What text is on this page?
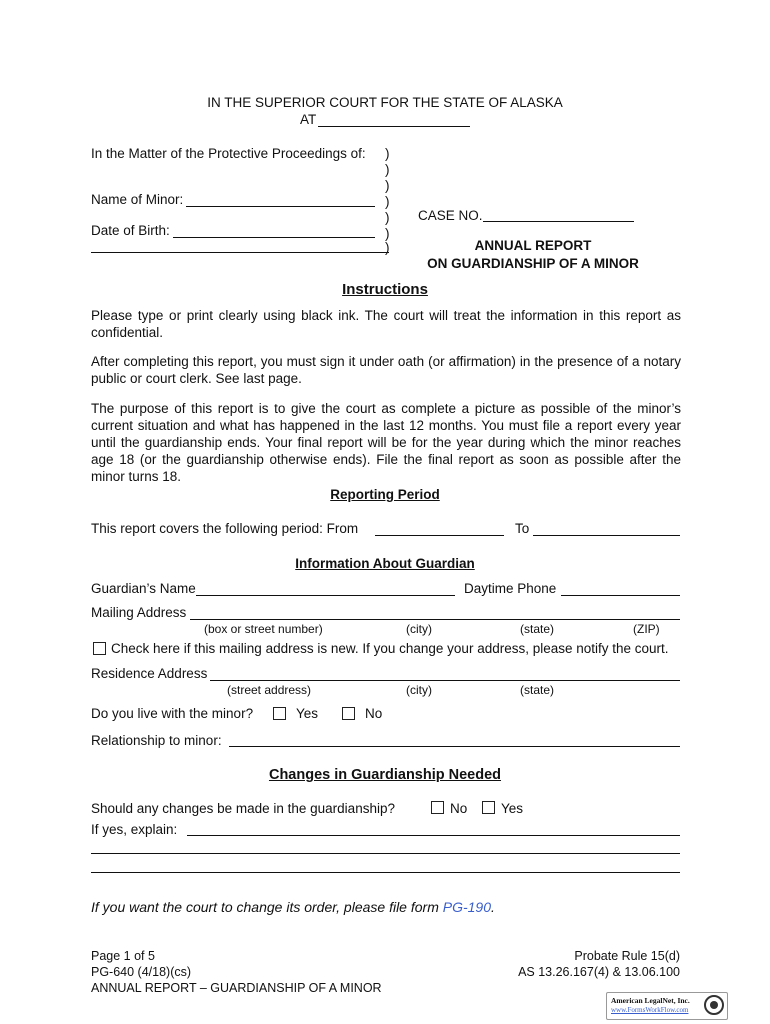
IN THE SUPERIOR COURT FOR THE STATE OF ALASKA
AT
In the Matter of the Protective Proceedings of: )
)
)
)
)
)
)
Name of Minor:
Date of Birth:
CASE NO.
ANNUAL REPORT
ON GUARDIANSHIP OF A MINOR
Instructions
Please type or print clearly using black ink. The court will treat the information in this report as confidential.
After completing this report, you must sign it under oath (or affirmation) in the presence of a notary public or court clerk. See last page.
The purpose of this report is to give the court as complete a picture as possible of the minor’s current situation and what has happened in the last 12 months. You must file a report every year until the guardianship ends. Your final report will be for the year during which the minor reaches age 18 (or the guardianship otherwise ends). File the final report as soon as possible after the minor turns 18.
Reporting Period
This report covers the following period: From	To
Information About Guardian
Guardian’s Name	Daytime Phone
Mailing Address
(box or street number)	(city)	(state)	(ZIP)
Check here if this mailing address is new. If you change your address, please notify the court.
Residence Address
(street address)	(city)	(state)
Do you live with the minor?	Yes	No
Relationship to minor:
Changes in Guardianship Needed
Should any changes be made in the guardianship?	No Yes
If yes, explain:
If you want the court to change its order, please file form PG-190.
Page 1 of 5
PG-640 (4/18)(cs)
ANNUAL REPORT – GUARDIANSHIP OF A MINOR
Probate Rule 15(d)
AS 13.26.167(4) & 13.06.100
American LegalNet, Inc.
www.FormsWorkFlow.com
